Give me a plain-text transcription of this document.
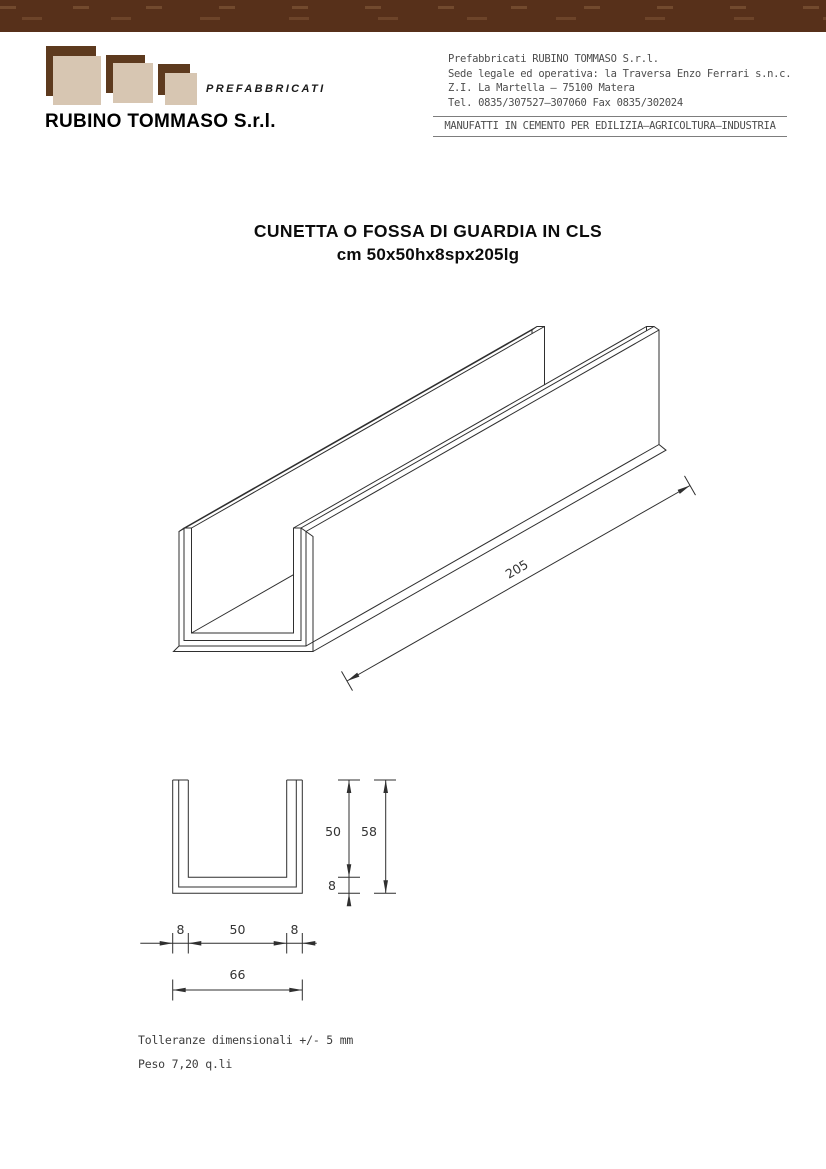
PREFABBRICATI
RUBINO TOMMASO S.r.l.
Prefabbricati RUBINO TOMMASO S.r.l.
Sede legale ed operativa: la Traversa Enzo Ferrari s.n.c.
Z.I. La Martella – 75100 Matera
Tel. 0835/307527–307060 Fax 0835/302024
MANUFATTI IN CEMENTO PER EDILIZIA–AGRICOLTURA–INDUSTRIA
CUNETTA O FOSSA DI GUARDIA IN CLS
cm 50x50hx8spx205lg
205
50 58
8
8	50	8
66
Tolleranze dimensionali +/- 5 mm
Peso 7,20 q.li
